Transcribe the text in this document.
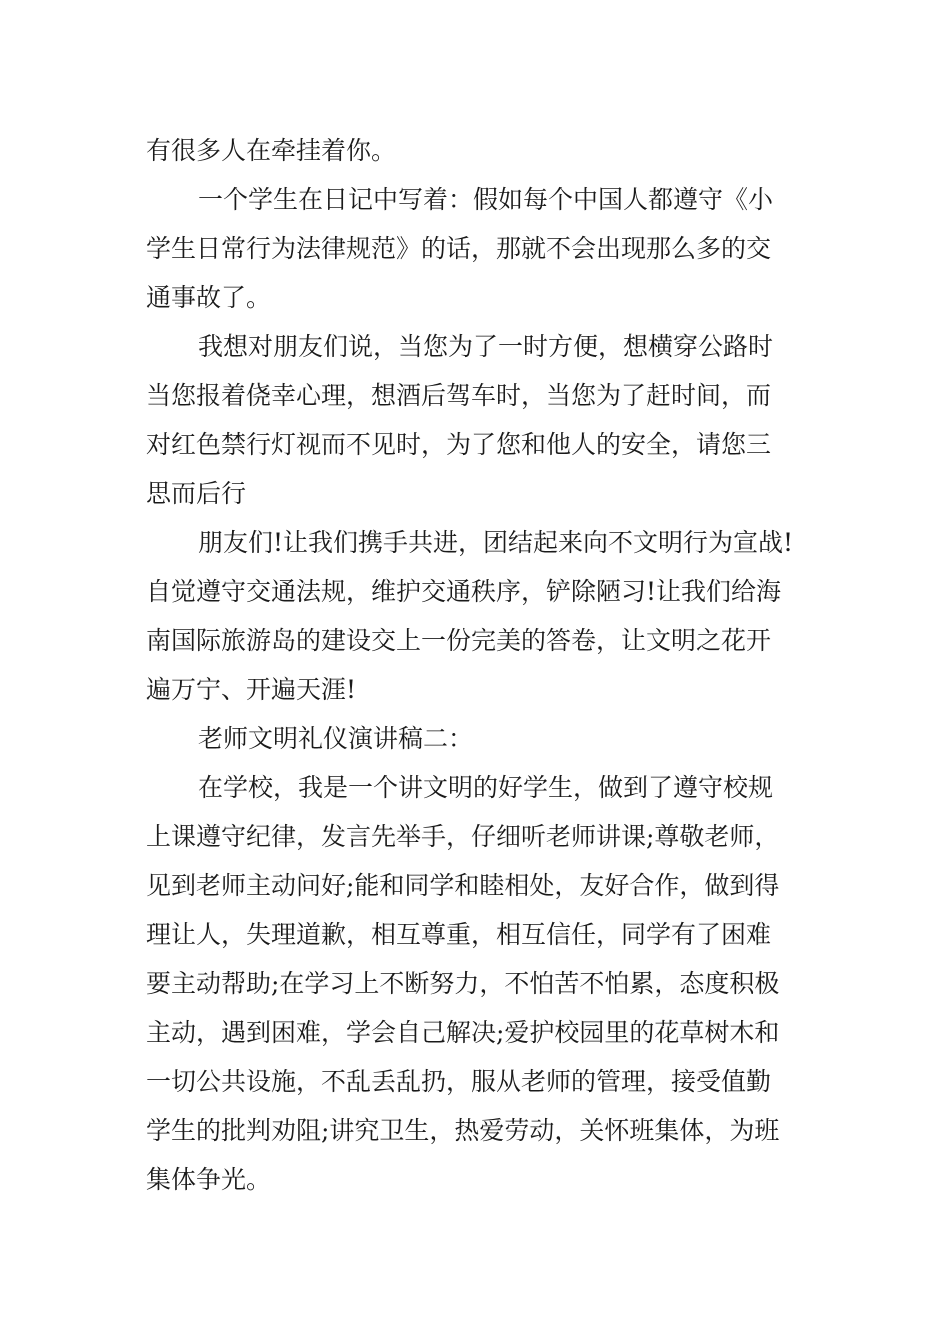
有很多人在牵挂着你。
一个学生在日记中写着：假如每个中国人都遵守《小
学生日常行为法律规范》的话，那就不会出现那么多的交
通事故了。
我想对朋友们说，当您为了一时方便，想横穿公路时
当您报着侥幸心理，想酒后驾车时，当您为了赶时间，而
对红色禁行灯视而不见时，为了您和他人的安全，请您三
思而后行
朋友们!让我们携手共进，团结起来向不文明行为宣战!
自觉遵守交通法规，维护交通秩序，铲除陋习!让我们给海
南国际旅游岛的建设交上一份完美的答卷，让文明之花开
遍万宁、开遍天涯!
老师文明礼仪演讲稿二：
在学校，我是一个讲文明的好学生，做到了遵守校规
上课遵守纪律，发言先举手，仔细听老师讲课;尊敬老师，
见到老师主动问好;能和同学和睦相处，友好合作，做到得
理让人，失理道歉，相互尊重，相互信任，同学有了困难
要主动帮助;在学习上不断努力，不怕苦不怕累，态度积极
主动，遇到困难，学会自己解决;爱护校园里的花草树木和
一切公共设施，不乱丢乱扔，服从老师的管理，接受值勤
学生的批判劝阻;讲究卫生，热爱劳动，关怀班集体，为班
集体争光。
